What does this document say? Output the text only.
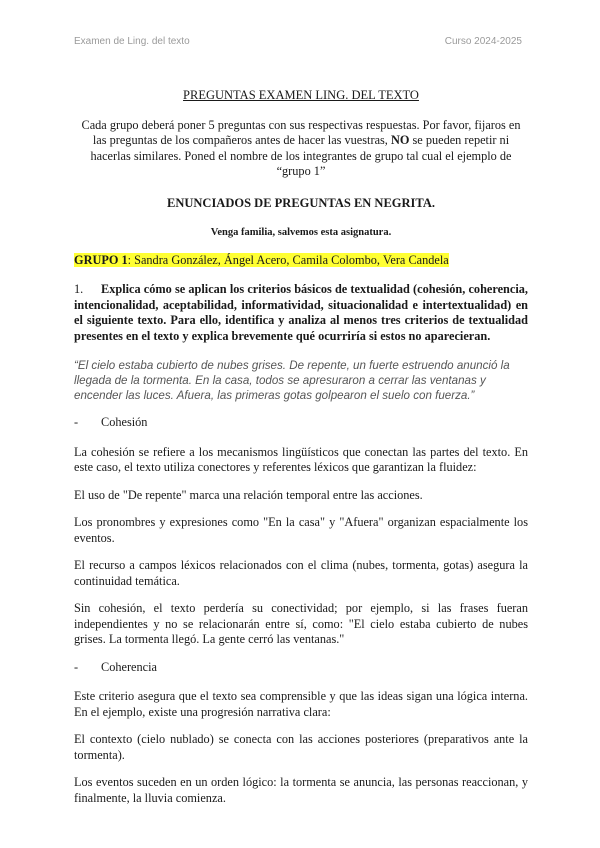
Examen de Ling. del texto	Curso 2024-2025
PREGUNTAS EXAMEN LING. DEL TEXTO
Cada grupo deberá poner 5 preguntas con sus respectivas respuestas. Por favor, fijaros en las preguntas de los compañeros antes de hacer las vuestras, NO se pueden repetir ni hacerlas similares. Poned el nombre de los integrantes de grupo tal cual el ejemplo de “grupo 1”
ENUNCIADOS DE PREGUNTAS EN NEGRITA.
Venga familia, salvemos esta asignatura.
GRUPO 1: Sandra González, Ángel Acero, Camila Colombo, Vera Candela
1. Explica cómo se aplican los criterios básicos de textualidad (cohesión, coherencia, intencionalidad, aceptabilidad, informatividad, situacionalidad e intertextualidad) en el siguiente texto. Para ello, identifica y analiza al menos tres criterios de textualidad presentes en el texto y explica brevemente qué ocurriría si estos no aparecieran.
“El cielo estaba cubierto de nubes grises. De repente, un fuerte estruendo anunció la llegada de la tormenta. En la casa, todos se apresuraron a cerrar las ventanas y encender las luces. Afuera, las primeras gotas golpearon el suelo con fuerza.”
- Cohesión

La cohesión se refiere a los mecanismos lingüísticos que conectan las partes del texto. En este caso, el texto utiliza conectores y referentes léxicos que garantizan la fluidez:

El uso de "De repente" marca una relación temporal entre las acciones.

Los pronombres y expresiones como "En la casa" y "Afuera" organizan espacialmente los eventos.

El recurso a campos léxicos relacionados con el clima (nubes, tormenta, gotas) asegura la continuidad temática.

Sin cohesión, el texto perdería su conectividad; por ejemplo, si las frases fueran independientes y no se relacionarán entre sí, como: "El cielo estaba cubierto de nubes grises. La tormenta llegó. La gente cerró las ventanas."

- Coherencia

Este criterio asegura que el texto sea comprensible y que las ideas sigan una lógica interna. En el ejemplo, existe una progresión narrativa clara:

El contexto (cielo nublado) se conecta con las acciones posteriores (preparativos ante la tormenta).

Los eventos suceden en un orden lógico: la tormenta se anuncia, las personas reaccionan, y finalmente, la lluvia comienza.
